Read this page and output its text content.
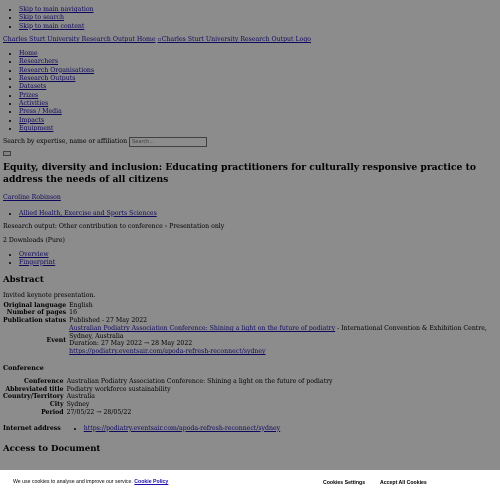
• Skip to main navigation
• Skip to search
• Skip to main content
Charles Sturt University Research Output Home ▫Charles Sturt University Research Output Logo
• Home
• Researchers
• Research Organisations
• Research Outputs
• Datasets
• Prizes
• Activities
• Press / Media
• Impacts
• Equipment
Search by expertise, name or affiliation
Search...
Equity, diversity and inclusion: Educating practitioners for culturally responsive practice to address the needs of all citizens
Caroline Robinson
• Allied Health, Exercise and Sports Sciences

Research output: Other contribution to conference › Presentation only

2 Downloads (Pure)

• Overview
• Fingerprint
Abstract
Invited keynote presentation.
Original language	English
Number of pages	16
Publication status	Published - 27 May 2022
Event	Australian Podiatry Association Conference: Shining a light on the future of podiatry - International Convention & Exhibition Centre, Sydney, Australia
Duration: 27 May 2022 → 28 May 2022
https://podiatry.eventsair.com/apoda-refresh-reconnect/sydney
Conference
Conference	Australian Podiatry Association Conference: Shining a light on the future of podiatry
Abbreviated title	Podiatry workforce sustainability
Country/Territory	Australia
City	Sydney
Period	27/05/22 → 28/05/22
Internet address	
•https://podiatry.eventsair.com/apoda-refresh-reconnect/sydney
Access to Document
We use cookies to analyse and improve our service. Cookie Policy	Cookies Settings	Accept All Cookies
